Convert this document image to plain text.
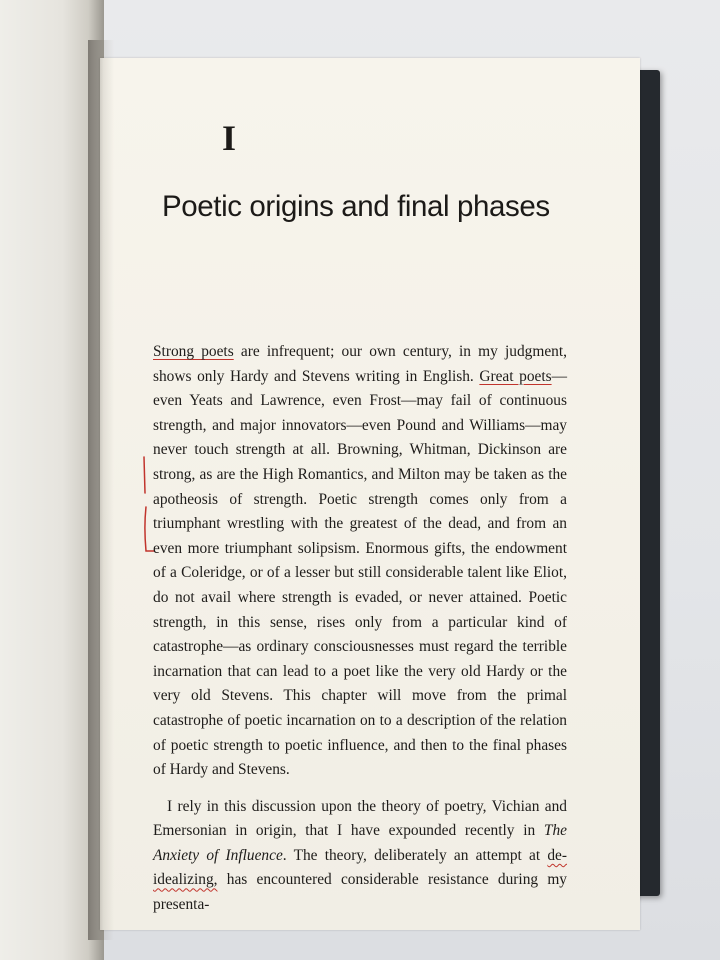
I
Poetic origins and final phases

Strong poets are infrequent; our own century, in my judgment, shows only Hardy and Stevens writing in English. Great poets—even Yeats and Lawrence, even Frost—may fail of continuous strength, and major innovators—even Pound and Williams—may never touch strength at all. Browning, Whitman, Dickinson are strong, as are the High Romantics, and Milton may be taken as the apotheosis of strength. Poetic strength comes only from a triumphant wrestling with the greatest of the dead, and from an even more triumphant solipsism. Enormous gifts, the endowment of a Coleridge, or of a lesser but still considerable talent like Eliot, do not avail where strength is evaded, or never attained. Poetic strength, in this sense, rises only from a particular kind of catastrophe—as ordinary consciousnesses must regard the terrible incarnation that can lead to a poet like the very old Hardy or the very old Stevens. This chapter will move from the primal catastrophe of poetic incarnation on to a description of the relation of poetic strength to poetic influence, and then to the final phases of Hardy and Stevens.

I rely in this discussion upon the theory of poetry, Vichian and Emersonian in origin, that I have expounded recently in The Anxiety of Influence. The theory, deliberately an attempt at de-idealizing, has encountered considerable resistance during my presenta-
